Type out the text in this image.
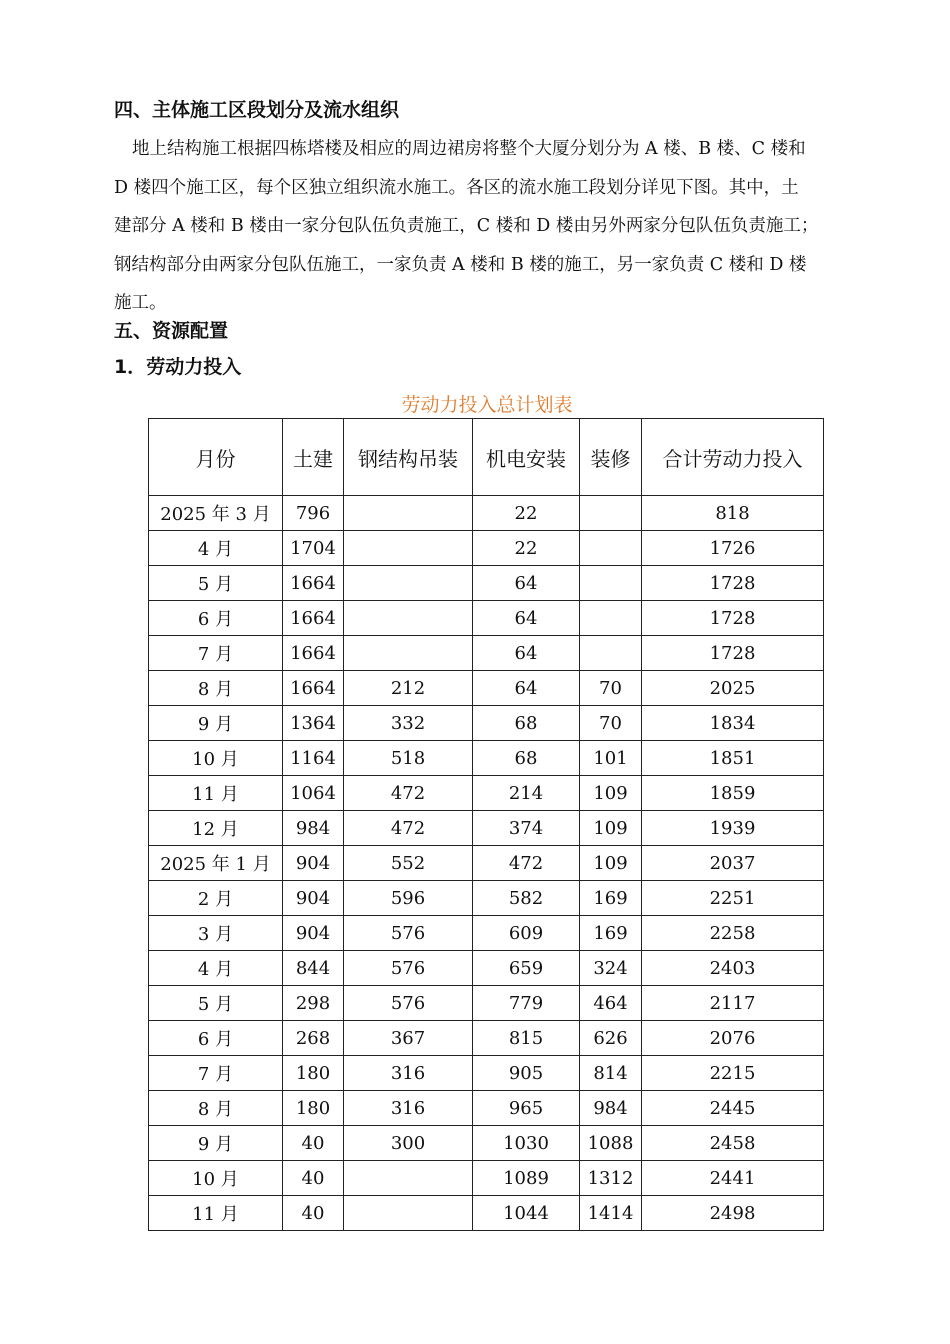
四、主体施工区段划分及流水组织
地上结构施工根据四栋塔楼及相应的周边裙房将整个大厦分划分为 A 楼、B 楼、C 楼和
D 楼四个施工区，每个区独立组织流水施工。各区的流水施工段划分详见下图。其中，土
建部分 A 楼和 B 楼由一家分包队伍负责施工，C 楼和 D 楼由另外两家分包队伍负责施工；
钢结构部分由两家分包队伍施工，一家负责 A 楼和 B 楼的施工，另一家负责 C 楼和 D 楼
施工。
五、资源配置
1．劳动力投入
劳动力投入总计划表
月份	土建	钢结构吊装	机电安装	装修	合计劳动力投入
2025 年 3 月	796		22		818
4 月	1704		22		1726
5 月	1664		64		1728
6 月	1664		64		1728
7 月	1664		64		1728
8 月	1664	212	64	70	2025
9 月	1364	332	68	70	1834
10 月	1164	518	68	101	1851
11 月	1064	472	214	109	1859
12 月	984	472	374	109	1939
2025 年 1 月	904	552	472	109	2037
2 月	904	596	582	169	2251
3 月	904	576	609	169	2258
4 月	844	576	659	324	2403
5 月	298	576	779	464	2117
6 月	268	367	815	626	2076
7 月	180	316	905	814	2215
8 月	180	316	965	984	2445
9 月	40	300	1030	1088	2458
10 月	40		1089	1312	2441
11 月	40		1044	1414	2498
